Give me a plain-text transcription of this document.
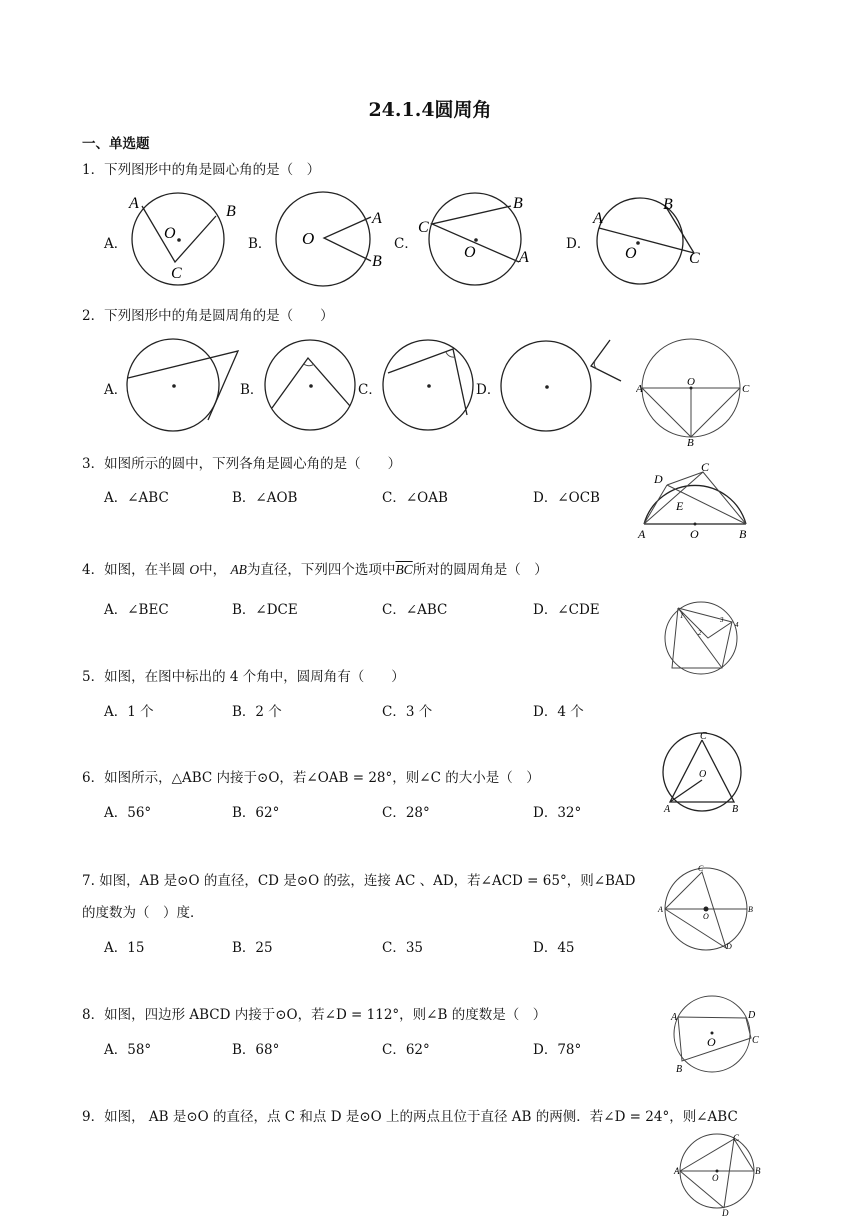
24.1.4圆周角
一、单选题
1．下列图形中的角是圆心角的是（　）
A．	B．	C．	D．
A
O
B
C
O
A
B
C
B
O	A
A
B
O	C
2．下列图形中的角是圆周角的是（　　）
A．	B．	C．	D．	A
O
C
B
3．如图所示的圆中，下列各角是圆心角的是（　　）
A．∠ABC	B．∠AOB	C．∠OAB	D．∠OCB
D
C
E
A	O	B
4．如图，在半圆 O中， AB为直径，下列四个选项中$\overline{BC}$所对的圆周角是（　）
A．∠BEC	B．∠DCE	C．∠ABC	D．∠CDE	1
2
3
4
5．如图，在图中标出的 4 个角中，圆周角有（　　）
A．1 个	B．2 个	C．3 个	D．4 个
C
O
A	B
6．如图所示，△ABC 内接于⊙O，若∠OAB = 28°，则∠C 的大小是（　）
A．56°	B．62°	C．28°	D．32°
7. 如图，AB 是⊙O 的直径，CD 是⊙O 的弦，连接 AC 、AD，若∠ACD = 65°，则∠BAD
的度数为（　）度．
A．15	B．25	C．35	D．45
C
A
O
B
D
8．如图，四边形 ABCD 内接于⊙O，若∠D = 112°，则∠B 的度数是（　）
A．58°	B．68°	C．62°	D．78°
A	D
O	C
B
9．如图， AB 是⊙O 的直径，点 C 和点 D 是⊙O 上的两点且位于直径 AB 的两侧．若∠D = 24°，则∠ABC
C
A
O
B
D
